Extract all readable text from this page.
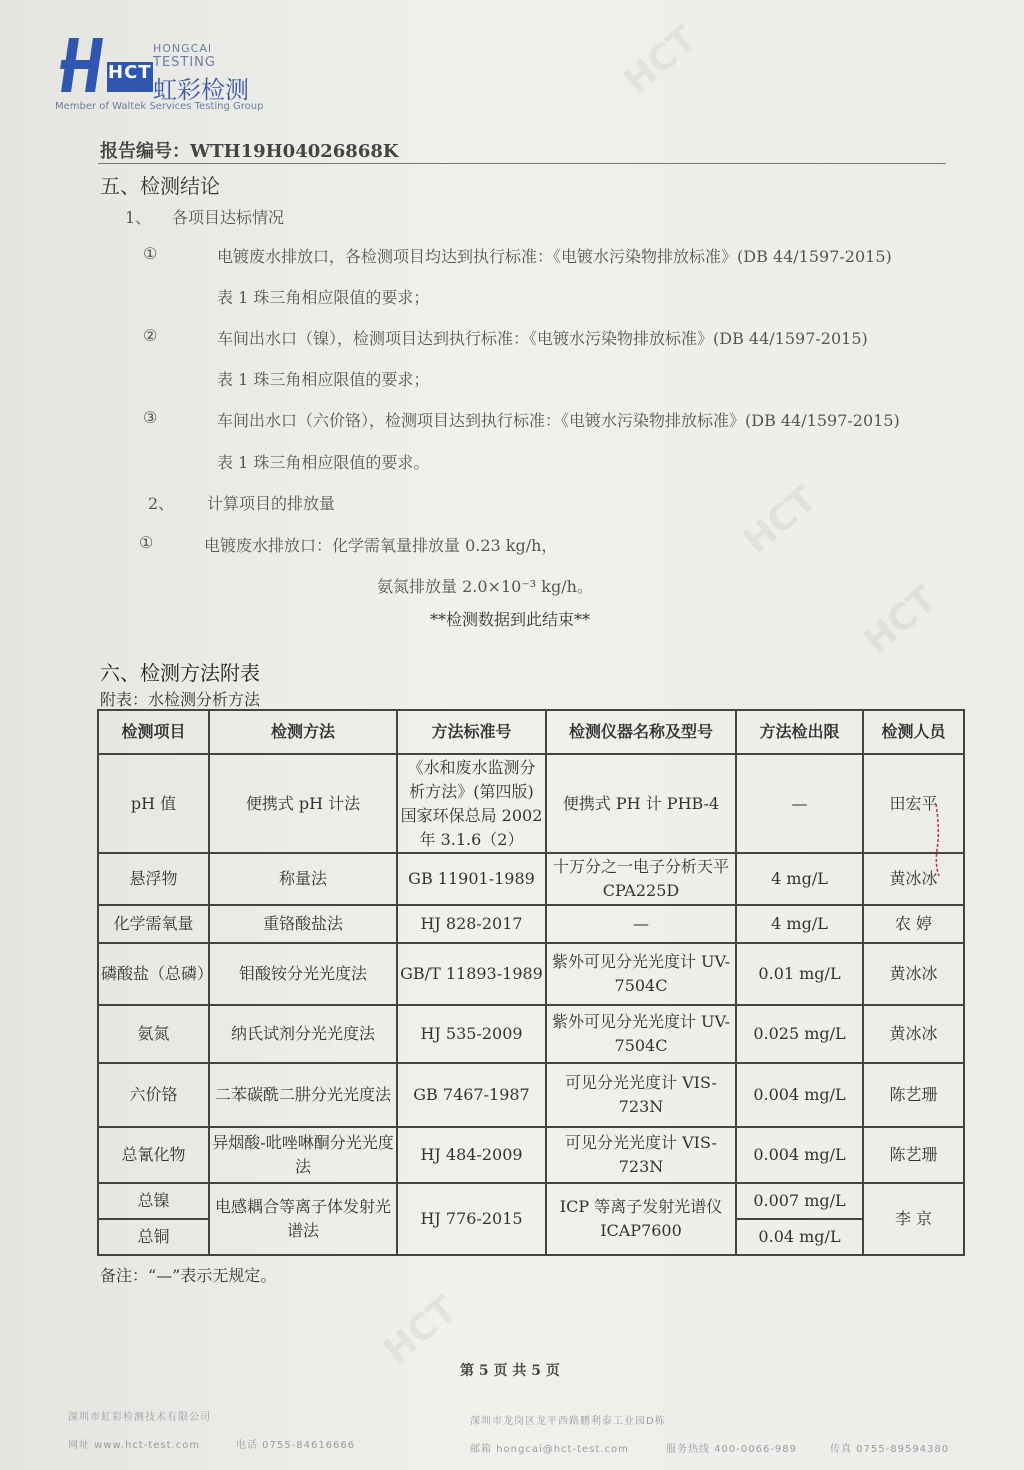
HCT
HCT
HCT
HCT
HCT
HONGCAI
TESTING
虹彩检测
Member of Waltek Services Testing Group
报告编号：WTH19H04026868K
五、检测结论
1、 各项目达标情况
①	电镀废水排放口，各检测项目均达到执行标准：《电镀水污染物排放标准》(DB 44/1597-2015)
表 1 珠三角相应限值的要求；
②	车间出水口（镍），检测项目达到执行标准：《电镀水污染物排放标准》(DB 44/1597-2015)
表 1 珠三角相应限值的要求；
③	车间出水口（六价铬），检测项目达到执行标准：《电镀水污染物排放标准》(DB 44/1597-2015)
表 1 珠三角相应限值的要求。
2、 计算项目的排放量
①	电镀废水排放口：化学需氧量排放量 0.23 kg/h，
氨氮排放量 2.0×10⁻³ kg/h。
**检测数据到此结束**
六、检测方法附表
附表：水检测分析方法
检测项目	检测方法	方法标准号	检测仪器名称及型号	方法检出限	检测人员
pH 值	便携式 pH 计法	《水和废水监测分析方法》(第四版) 国家环保总局 2002 年 3.1.6（2）	便携式 PH 计 PHB-4	—	田宏平
悬浮物	称量法	GB 11901-1989	十万分之一电子分析天平 CPA225D	4 mg/L	黄冰冰
化学需氧量	重铬酸盐法	HJ 828-2017	—	4 mg/L	农 婷
磷酸盐（总磷）	钼酸铵分光光度法	GB/T 11893-1989	紫外可见分光光度计 UV-7504C	0.01 mg/L	黄冰冰
氨氮	纳氏试剂分光光度法	HJ 535-2009	紫外可见分光光度计 UV-7504C	0.025 mg/L	黄冰冰
六价铬	二苯碳酰二肼分光光度法	GB 7467-1987	可见分光光度计 VIS-723N	0.004 mg/L	陈艺珊
总氰化物	异烟酸-吡唑啉酮分光光度法	HJ 484-2009	可见分光光度计 VIS-723N	0.004 mg/L	陈艺珊
总镍	电感耦合等离子体发射光谱法	HJ 776-2015	ICP 等离子发射光谱仪 ICAP7600	0.007 mg/L	李 京
总铜				0.04 mg/L	
备注：“—”表示无规定。
第 5 页 共 5 页
深圳市虹彩检测技术有限公司	深圳市龙岗区龙平西路鹏利泰工业园D栋
网址 www.hct-test.com	电话 0755-84616666	邮箱 hongcai@hct-test.com	服务热线 400-0066-989	传真 0755-89594380
